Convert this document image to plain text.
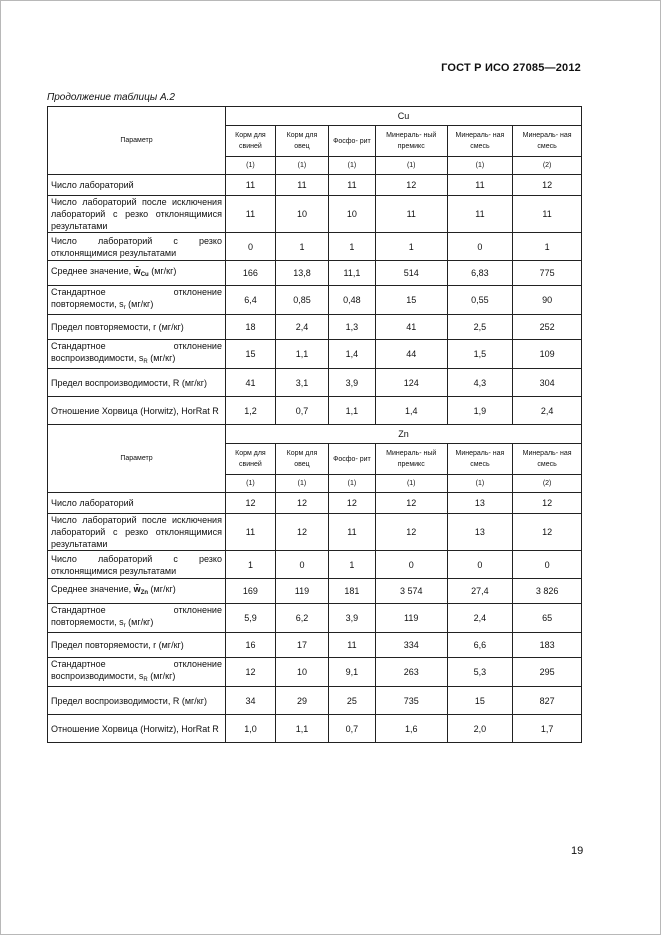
ГОСТ Р ИСО 27085—2012
Продолжение таблицы А.2
Параметр	Cu					
	Корм для свиней	Корм для овец	Фосфо- рит	Минераль- ный премикс	Минераль- ная смесь	Минераль- ная смесь
	(1)	(1)	(1)	(1)	(1)	(2)
Число лабораторий	11	11	11	12	11	12
Число лабораторий после исключения лабораторий с резко отклонящимися результатами	11	10	10	11	11	11
Число лабораторий с резко отклонящимися результатами	0	1	1	1	0	1
Среднее значение, $w̄_{Cu}$ (мг/кг)	166	13,8	11,1	514	6,83	775
Стандартное отклонение повторяемости, $s_r$ (мг/кг)	6,4	0,85	0,48	15	0,55	90
Предел повторяемости, r (мг/кг)	18	2,4	1,3	41	2,5	252
Стандартное отклонение воспроизводимости, $s_R$ (мг/кг)	15	1,1	1,4	44	1,5	109
Предел воспроизводимости, R (мг/кг)	41	3,1	3,9	124	4,3	304
Отношение Хорвица (Horwitz), HorRat R	1,2	0,7	1,1	1,4	1,9	2,4
Параметр	Zn					
	Корм для свиней	Корм для овец	Фосфо- рит	Минераль- ный премикс	Минераль- ная смесь	Минераль- ная смесь
	(1)	(1)	(1)	(1)	(1)	(2)
Число лабораторий	12	12	12	12	13	12
Число лабораторий после исключения лабораторий с резко отклонящимися результатами	11	12	11	12	13	12
Число лабораторий с резко отклонящимися результатами	1	0	1	0	0	0
Среднее значение, $w̄_{Zn}$ (мг/кг)	169	119	181	3 574	27,4	3 826
Стандартное отклонение повторяемости, $s_r$ (мг/кг)	5,9	6,2	3,9	119	2,4	65
Предел повторяемости, r (мг/кг)	16	17	11	334	6,6	183
Стандартное отклонение воспроизводимости, $s_R$ (мг/кг)	12	10	9,1	263	5,3	295
Предел воспроизводимости, R (мг/кг)	34	29	25	735	15	827
Отношение Хорвица (Horwitz), HorRat R	1,0	1,1	0,7	1,6	2,0	1,7
19
